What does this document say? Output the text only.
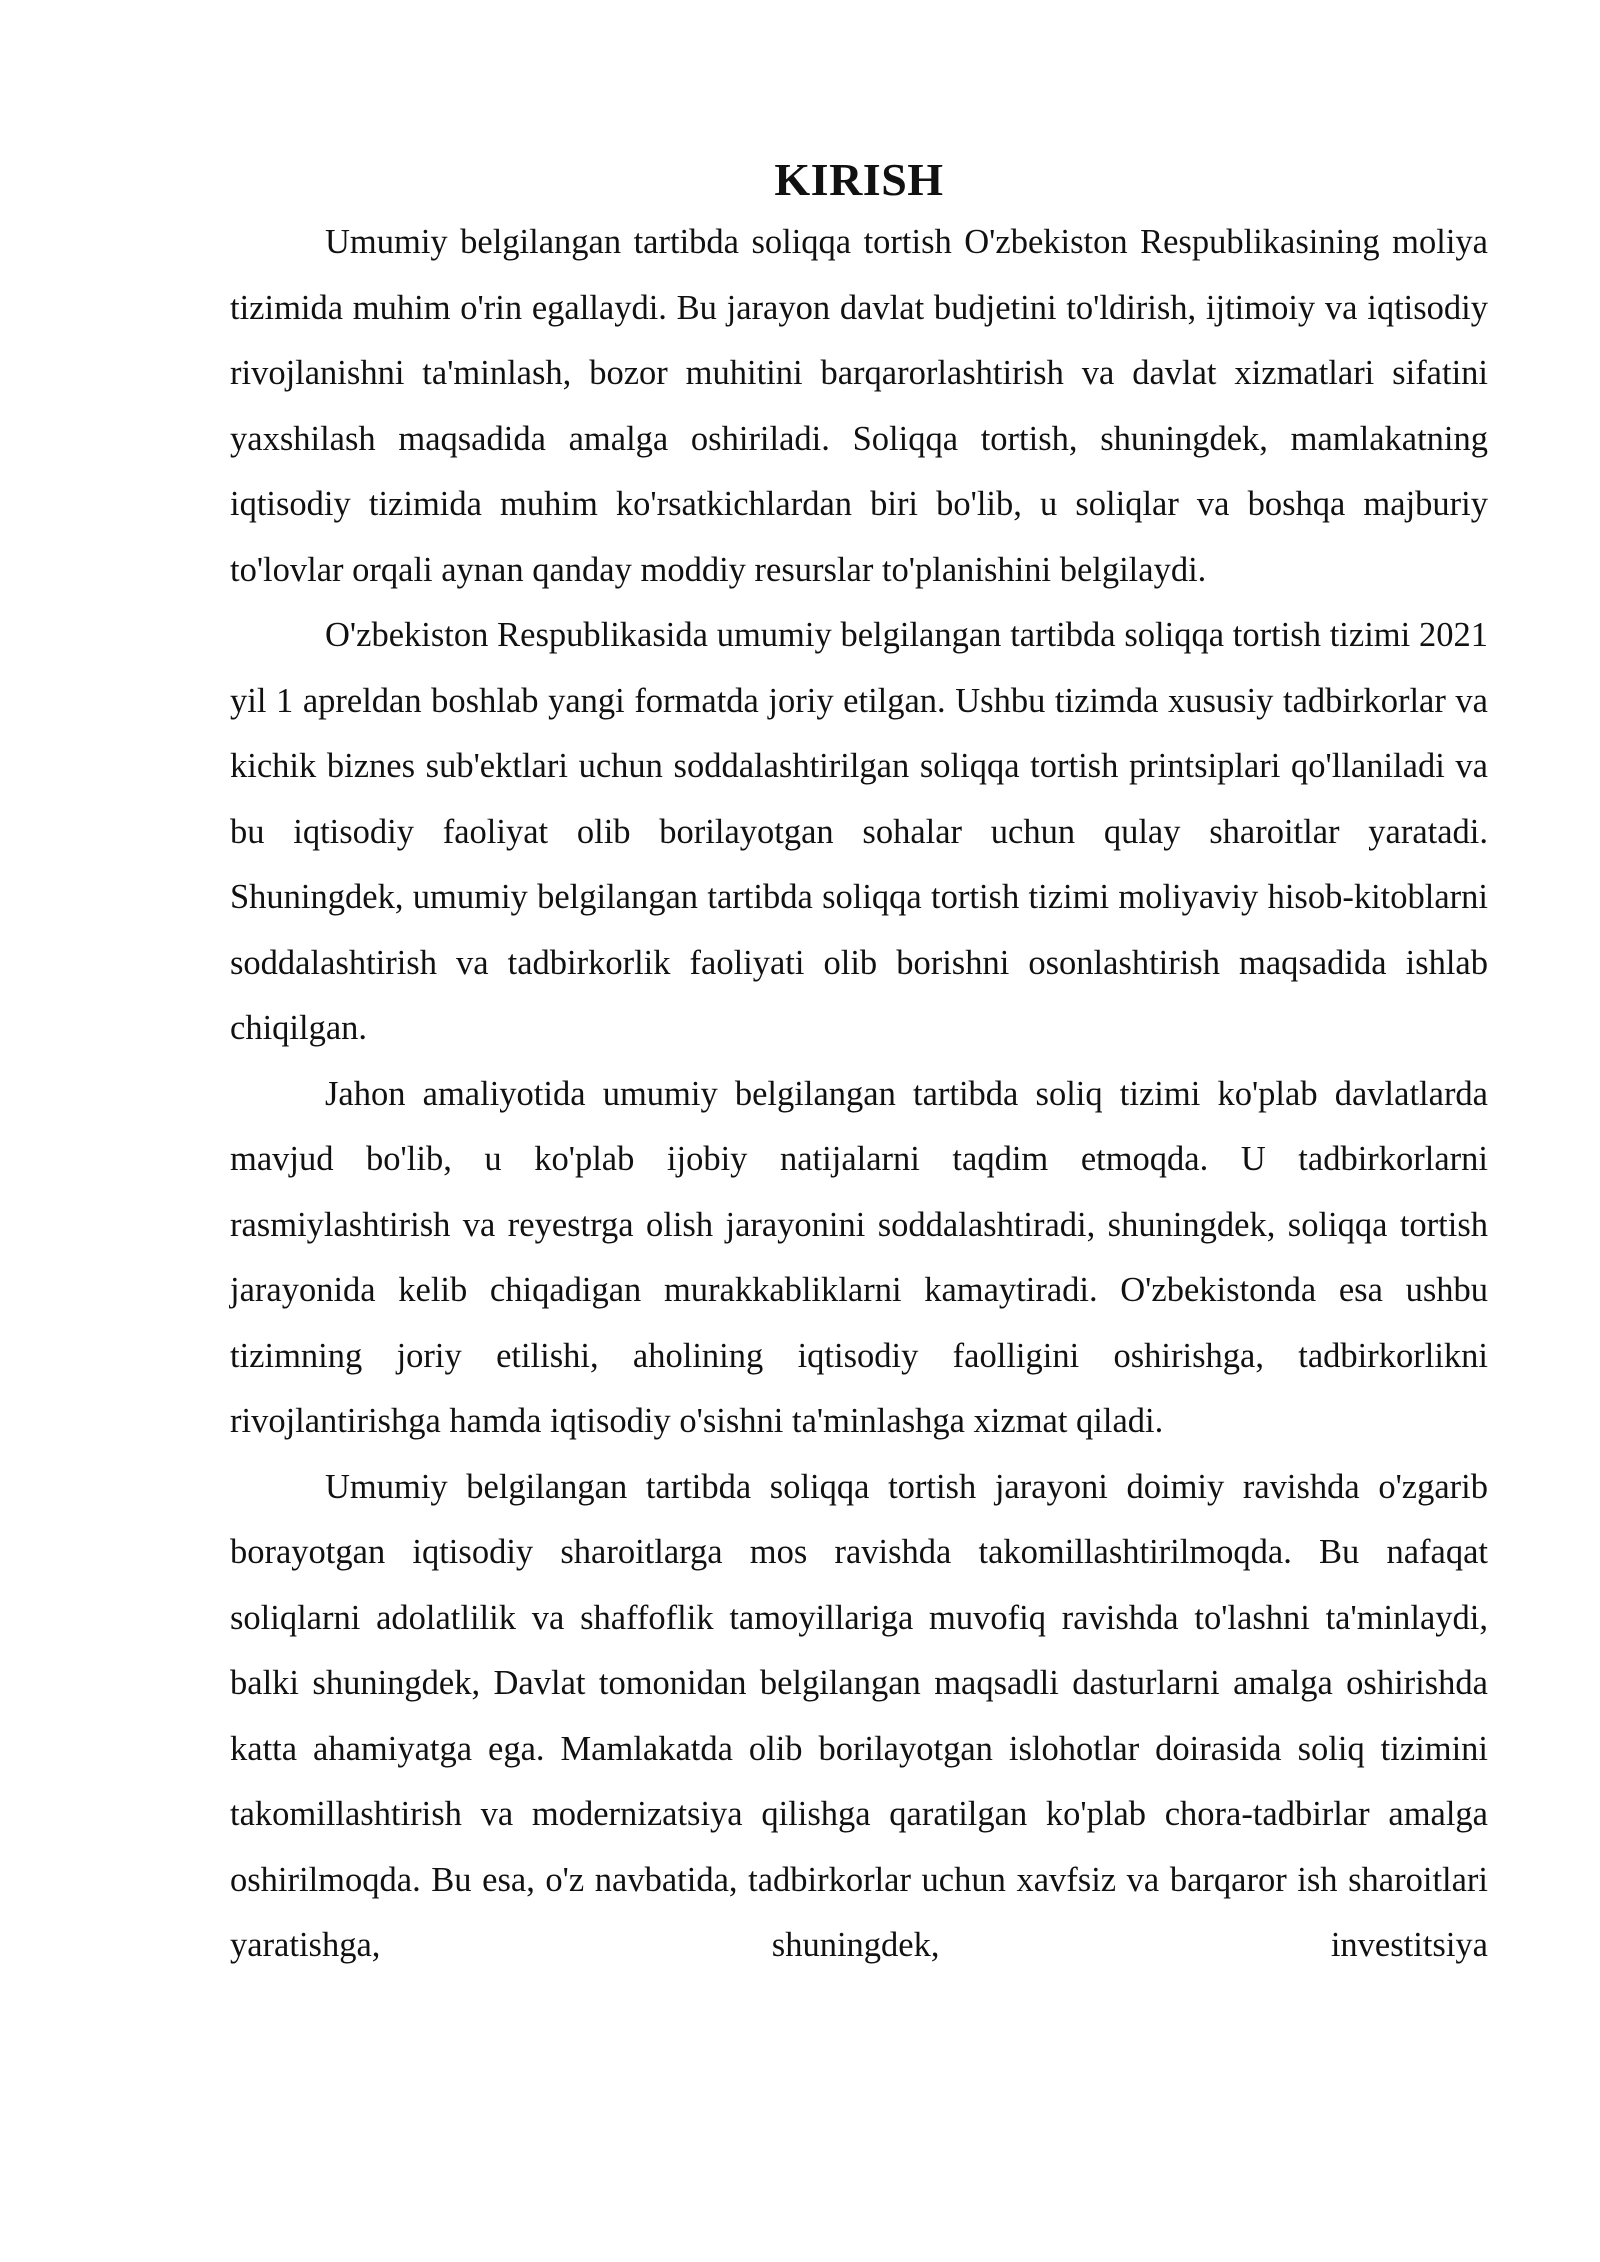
KIRISH

Umumiy belgilangan tartibda soliqqa tortish O'zbekiston Respublikasining moliya tizimida muhim o'rin egallaydi. Bu jarayon davlat budjetini to'ldirish, ijtimoiy va iqtisodiy rivojlanishni ta'minlash, bozor muhitini barqarorlashtirish va davlat xizmatlari sifatini yaxshilash maqsadida amalga oshiriladi. Soliqqa tortish, shuningdek, mamlakatning iqtisodiy tizimida muhim ko'rsatkichlardan biri bo'lib, u soliqlar va boshqa majburiy to'lovlar orqali aynan qanday moddiy resurslar to'planishini belgilaydi.

O'zbekiston Respublikasida umumiy belgilangan tartibda soliqqa tortish tizimi 2021 yil 1 apreldan boshlab yangi formatda joriy etilgan. Ushbu tizimda xususiy tadbirkorlar va kichik biznes sub'ektlari uchun soddalashtirilgan soliqqa tortish printsiplari qo'llaniladi va bu iqtisodiy faoliyat olib borilayotgan sohalar uchun qulay sharoitlar yaratadi. Shuningdek, umumiy belgilangan tartibda soliqqa tortish tizimi moliyaviy hisob-kitoblarni soddalashtirish va tadbirkorlik faoliyati olib borishni osonlashtirish maqsadida ishlab chiqilgan.

Jahon amaliyotida umumiy belgilangan tartibda soliq tizimi ko'plab davlatlarda mavjud bo'lib, u ko'plab ijobiy natijalarni taqdim etmoqda. U tadbirkorlarni rasmiylashtirish va reyestrga olish jarayonini soddalashtiradi, shuningdek, soliqqa tortish jarayonida kelib chiqadigan murakkabliklarni kamaytiradi. O'zbekistonda esa ushbu tizimning joriy etilishi, aholining iqtisodiy faolligini oshirishga, tadbirkorlikni rivojlantirishga hamda iqtisodiy o'sishni ta'minlashga xizmat qiladi.

Umumiy belgilangan tartibda soliqqa tortish jarayoni doimiy ravishda o'zgarib borayotgan iqtisodiy sharoitlarga mos ravishda takomillashtirilmoqda. Bu nafaqat soliqlarni adolatlilik va shaffoflik tamoyillariga muvofiq ravishda to'lashni ta'minlaydi, balki shuningdek, Davlat tomonidan belgilangan maqsadli dasturlarni amalga oshirishda katta ahamiyatga ega. Mamlakatda olib borilayotgan islohotlar doirasida soliq tizimini takomillashtirish va modernizatsiya qilishga qaratilgan ko'plab chora-tadbirlar amalga oshirilmoqda. Bu esa, o'z navbatida, tadbirkorlar uchun xavfsiz va barqaror ish sharoitlari yaratishga, shuningdek, investitsiya
